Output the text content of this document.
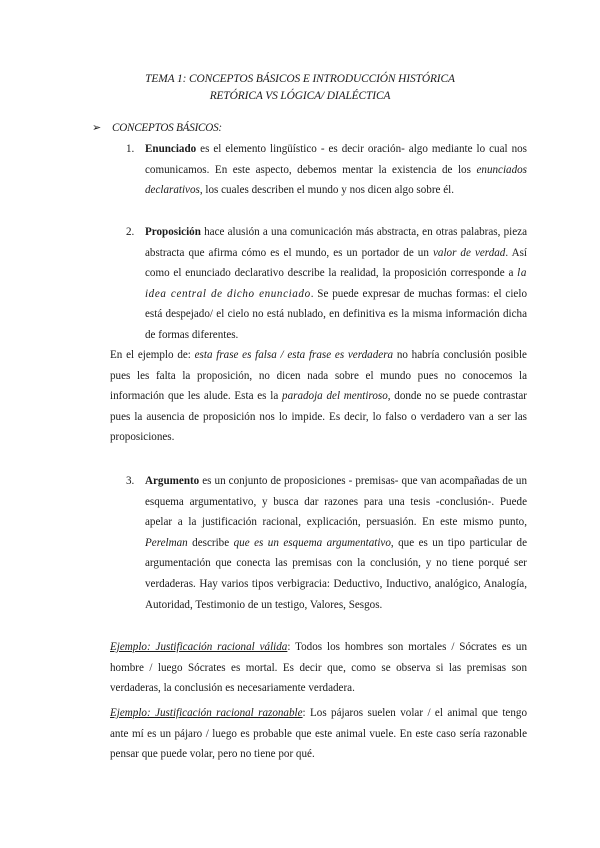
TEMA 1: CONCEPTOS BÁSICOS E INTRODUCCIÓN HISTÓRICA
RETÓRICA VS LÓGICA/ DIALÉCTICA
➢ CONCEPTOS BÁSICOS:
1. Enunciado es el elemento lingüístico - es decir oración- algo mediante lo cual nos comunicamos. En este aspecto, debemos mentar la existencia de los enunciados declarativos, los cuales describen el mundo y nos dicen algo sobre él.
2. Proposición hace alusión a una comunicación más abstracta, en otras palabras, pieza abstracta que afirma cómo es el mundo, es un portador de un valor de verdad. Así como el enunciado declarativo describe la realidad, la proposición corresponde a la idea central de dicho enunciado. Se puede expresar de muchas formas: el cielo está despejado/ el cielo no está nublado, en definitiva es la misma información dicha de formas diferentes.
En el ejemplo de: esta frase es falsa / esta frase es verdadera no habría conclusión posible pues les falta la proposición, no dicen nada sobre el mundo pues no conocemos la información que les alude. Esta es la paradoja del mentiroso, donde no se puede contrastar pues la ausencia de proposición nos lo impide. Es decir, lo falso o verdadero van a ser las proposiciones.
3. Argumento es un conjunto de proposiciones - premisas- que van acompañadas de un esquema argumentativo, y busca dar razones para una tesis -conclusión-. Puede apelar a la justificación racional, explicación, persuasión. En este mismo punto, Perelman describe que es un esquema argumentativo, que es un tipo particular de argumentación que conecta las premisas con la conclusión, y no tiene porqué ser verdaderas. Hay varios tipos verbigracia: Deductivo, Inductivo, analógico, Analogía, Autoridad, Testimonio de un testigo, Valores, Sesgos.
Ejemplo: Justificación racional válida: Todos los hombres son mortales / Sócrates es un hombre / luego Sócrates es mortal. Es decir que, como se observa si las premisas son verdaderas, la conclusión es necesariamente verdadera.
Ejemplo: Justificación racional razonable: Los pájaros suelen volar / el animal que tengo ante mí es un pájaro / luego es probable que este animal vuele. En este caso sería razonable pensar que puede volar, pero no tiene por qué.
